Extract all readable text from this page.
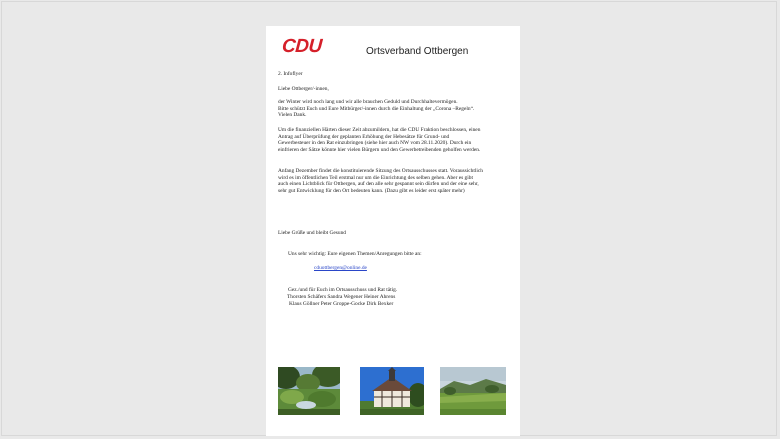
CDU	Ortsverband Ottbergen
2. Infoflyer
Liebe Ottberger/-innen,

der Winter wird noch lang und wir alle brauchen Geduld und Durchhaltevermögen.

Bitte schützt Euch und Eure Mitbürger/-innen durch die Einhaltung der „Corona –Regeln“.

Vielen Dank.

Um die finanziellen Härten dieser Zeit abzumildern, hat die CDU Fraktion beschlossen, einen

Antrag auf Überprüfung der geplanten Erhöhung der Hebesätze für Grund- und

Gewerbesteuer in den Rat einzubringen (siehe hier auch NW vom 28.11.2020). Durch ein

einfrieren der Sätze könnte hier vielen Bürgern und den Gewerbetreibenden geholfen werden.

Anfang Dezember findet die konstituierende Sitzung des Ortsausschusses statt. Voraussichtlich

wird es im öffentlichen Teil erstmal nur um die Einrichtung des selben gehen. Aber es gibt

auch einen Lichtblick für Ottbergen, auf den alle sehr gespannt sein dürfen und der eine sehr,

sehr gut Entwicklung für den Ort bedeuten kann. (Dazu gibt es leider erst später mehr)

Liebe Grüße und bleibt Gesund
Uns sehr wichtig: Eure eigenen Themen/Anregungen bitte an:
cduottbergen@online.de
Gez./und für Euch im Ortsausschuss und Rat tätig.
Thorsten Schäfers Sandra Wegener Heiner Ahrens
Klaus Göllner Peter Groppe-Gocke Dirk Bexker
